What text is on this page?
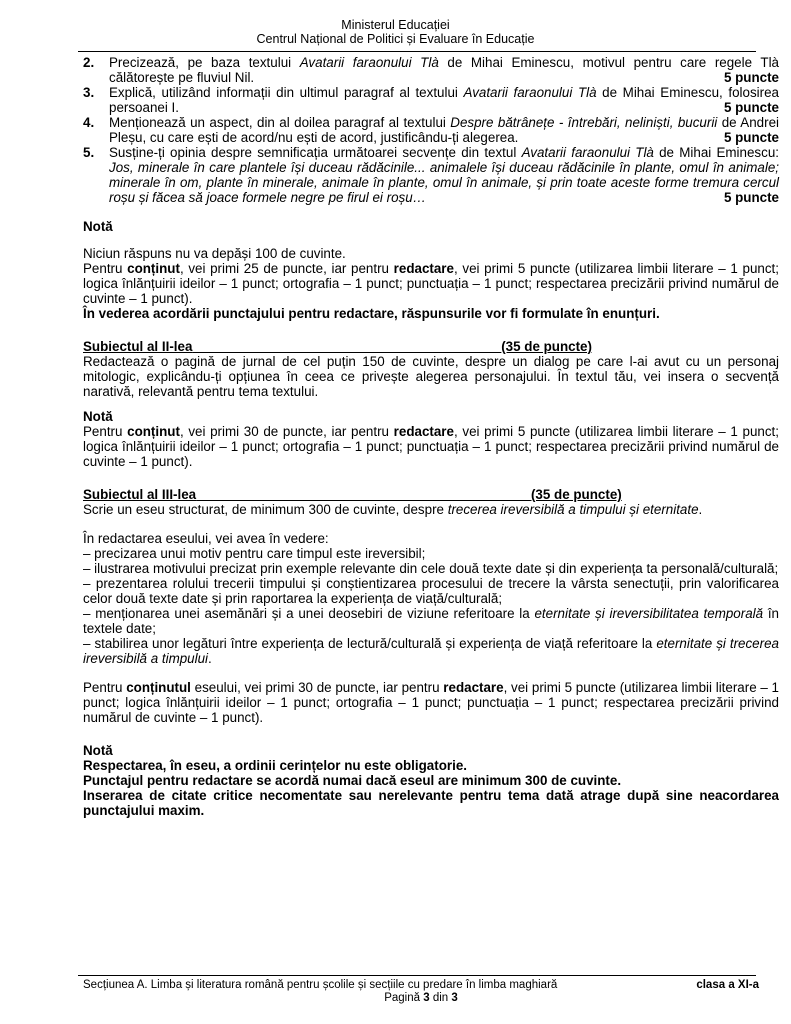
Ministerul Educației
Centrul Național de Politici și Evaluare în Educație
2. Precizează, pe baza textului Avatarii faraonului Tlà de Mihai Eminescu, motivul pentru care regele Tlà călătorește pe fluviul Nil.	5 puncte
3. Explică, utilizând informații din ultimul paragraf al textului Avatarii faraonului Tlà de Mihai Eminescu, folosirea persoanei I.	5 puncte
4. Menționează un aspect, din al doilea paragraf al textului Despre bătrânețe - întrebări, neliniști, bucurii de Andrei Pleșu, cu care ești de acord/nu ești de acord, justificându-ți alegerea.	5 puncte
5. Susține-ți opinia despre semnificația următoarei secvențe din textul Avatarii faraonului Tlà de Mihai Eminescu: Jos, minerale în care plantele își duceau rădăcinile... animalele își duceau rădăcinile în plante, omul în animale; minerale în om, plante în minerale, animale în plante, omul în animale, și prin toate aceste forme tremura cercul roșu și făcea să joace formele negre pe firul ei roșu…	5 puncte

Notă

Niciun răspuns nu va depăși 100 de cuvinte.

Pentru conținut, vei primi 25 de puncte, iar pentru redactare, vei primi 5 puncte (utilizarea limbii literare – 1 punct; logica înlănțuirii ideilor – 1 punct; ortografia – 1 punct; punctuația – 1 punct; respectarea precizării privind numărul de cuvinte – 1 punct).

În vederea acordării punctajului pentru redactare, răspunsurile vor fi formulate în enunțuri.

Subiectul al II-lea	(35 de puncte)

Redactează o pagină de jurnal de cel puțin 150 de cuvinte, despre un dialog pe care l-ai avut cu un personaj mitologic, explicându-ți opțiunea în ceea ce privește alegerea personajului. În textul tău, vei insera o secvență narativă, relevantă pentru tema textului.

Notă

Pentru conținut, vei primi 30 de puncte, iar pentru redactare, vei primi 5 puncte (utilizarea limbii literare – 1 punct; logica înlănțuirii ideilor – 1 punct; ortografia – 1 punct; punctuația – 1 punct; respectarea precizării privind numărul de cuvinte – 1 punct).

Subiectul al III-lea	(35 de puncte)

Scrie un eseu structurat, de minimum 300 de cuvinte, despre trecerea ireversibilă a timpului și eternitate.

În redactarea eseului, vei avea în vedere:

– precizarea unui motiv pentru care timpul este ireversibil;

– ilustrarea motivului precizat prin exemple relevante din cele două texte date și din experiența ta personală/culturală;

– prezentarea rolului trecerii timpului și conștientizarea procesului de trecere la vârsta senectuții, prin valorificarea celor două texte date și prin raportarea la experiența de viață/culturală;

– menționarea unei asemănări și a unei deosebiri de viziune referitoare la eternitate și ireversibilitatea temporală în textele date;

– stabilirea unor legături între experiența de lectură/culturală și experiența de viață referitoare la eternitate și trecerea ireversibilă a timpului.

Pentru conținutul eseului, vei primi 30 de puncte, iar pentru redactare, vei primi 5 puncte (utilizarea limbii literare – 1 punct; logica înlănțuirii ideilor – 1 punct; ortografia – 1 punct; punctuația – 1 punct; respectarea precizării privind numărul de cuvinte – 1 punct).

Notă

Respectarea, în eseu, a ordinii cerințelor nu este obligatorie.

Punctajul pentru redactare se acordă numai dacă eseul are minimum 300 de cuvinte.

Inserarea de citate critice necomentate sau nerelevante pentru tema dată atrage după sine neacordarea punctajului maxim.

Secțiunea A. Limba și literatura română pentru școlile și secțiile cu predare în limba maghiară	clasa a XI-a
Pagină 3 din 3
